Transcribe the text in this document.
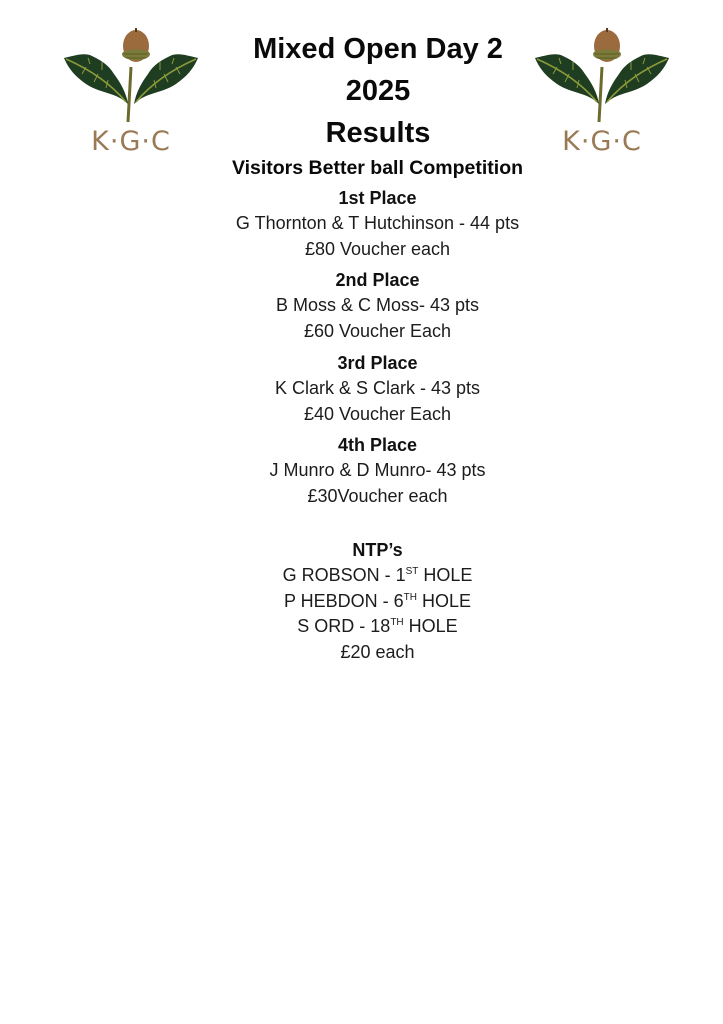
K·G·C	K·G·C
Mixed Open Day 2
2025
Results
Visitors Better ball Competition
1st Place
G Thornton & T Hutchinson - 44 pts
£80 Voucher each
2nd Place
B Moss & C Moss- 43 pts
£60 Voucher Each
3rd Place
K Clark & S Clark - 43 pts
£40 Voucher Each
4th Place
J Munro & D Munro- 43 pts
£30Voucher each
NTP’s
G ROBSON - 1ST HOLE
P HEBDON - 6TH HOLE
S ORD - 18TH HOLE
£20 each
